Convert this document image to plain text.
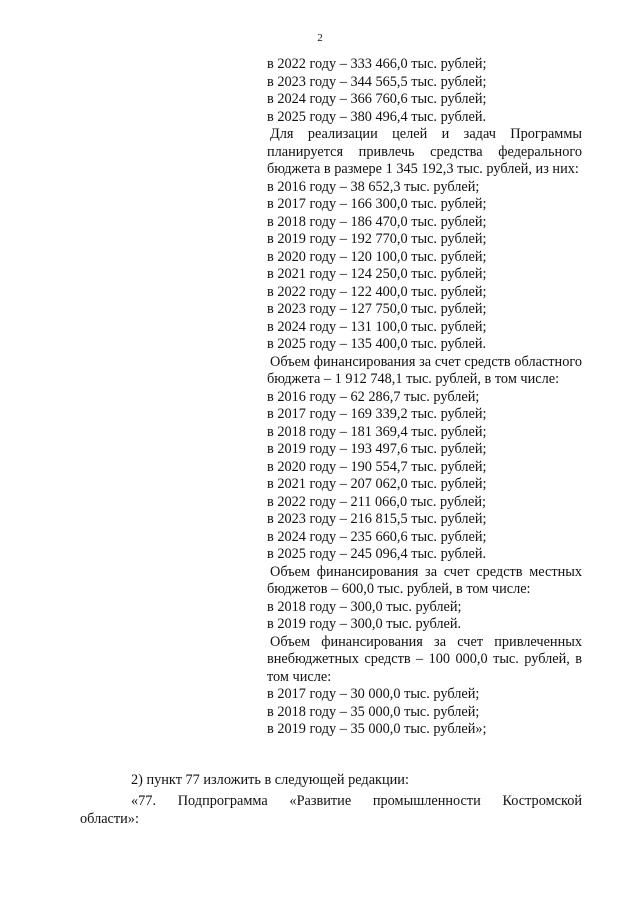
2
в 2022 году – 333 466,0 тыс. рублей;
в 2023 году – 344 565,5 тыс. рублей;
в 2024 году – 366 760,6 тыс. рублей;
в 2025 году – 380 496,4 тыс. рублей.
Для реализации целей и задач Программы планируется привлечь средства федерального бюджета в размере 1 345 192,3 тыс. рублей, из них:
в 2016 году – 38 652,3 тыс. рублей;
в 2017 году – 166 300,0 тыс. рублей;
в 2018 году – 186 470,0 тыс. рублей;
в 2019 году – 192 770,0 тыс. рублей;
в 2020 году – 120 100,0 тыс. рублей;
в 2021 году – 124 250,0 тыс. рублей;
в 2022 году – 122 400,0 тыс. рублей;
в 2023 году – 127 750,0 тыс. рублей;
в 2024 году – 131 100,0 тыс. рублей;
в 2025 году – 135 400,0 тыс. рублей.
Объем финансирования за счет средств областного бюджета – 1 912 748,1 тыс. рублей, в том числе:
в 2016 году – 62 286,7 тыс. рублей;
в 2017 году – 169 339,2 тыс. рублей;
в 2018 году – 181 369,4 тыс. рублей;
в 2019 году – 193 497,6 тыс. рублей;
в 2020 году – 190 554,7 тыс. рублей;
в 2021 году – 207 062,0 тыс. рублей;
в 2022 году – 211 066,0 тыс. рублей;
в 2023 году – 216 815,5 тыс. рублей;
в 2024 году – 235 660,6 тыс. рублей;
в 2025 году – 245 096,4 тыс. рублей.
Объем финансирования за счет средств местных бюджетов – 600,0 тыс. рублей, в том числе:
в 2018 году – 300,0 тыс. рублей;
в 2019 году – 300,0 тыс. рублей.
Объем финансирования за счет привлеченных внебюджетных средств – 100 000,0 тыс. рублей, в том числе:
в 2017 году – 30 000,0 тыс. рублей;
в 2018 году – 35 000,0 тыс. рублей;
в 2019 году – 35 000,0 тыс. рублей»;
2) пункт 77 изложить в следующей редакции:
«77. Подпрограмма «Развитие промышленности Костромской области»:
